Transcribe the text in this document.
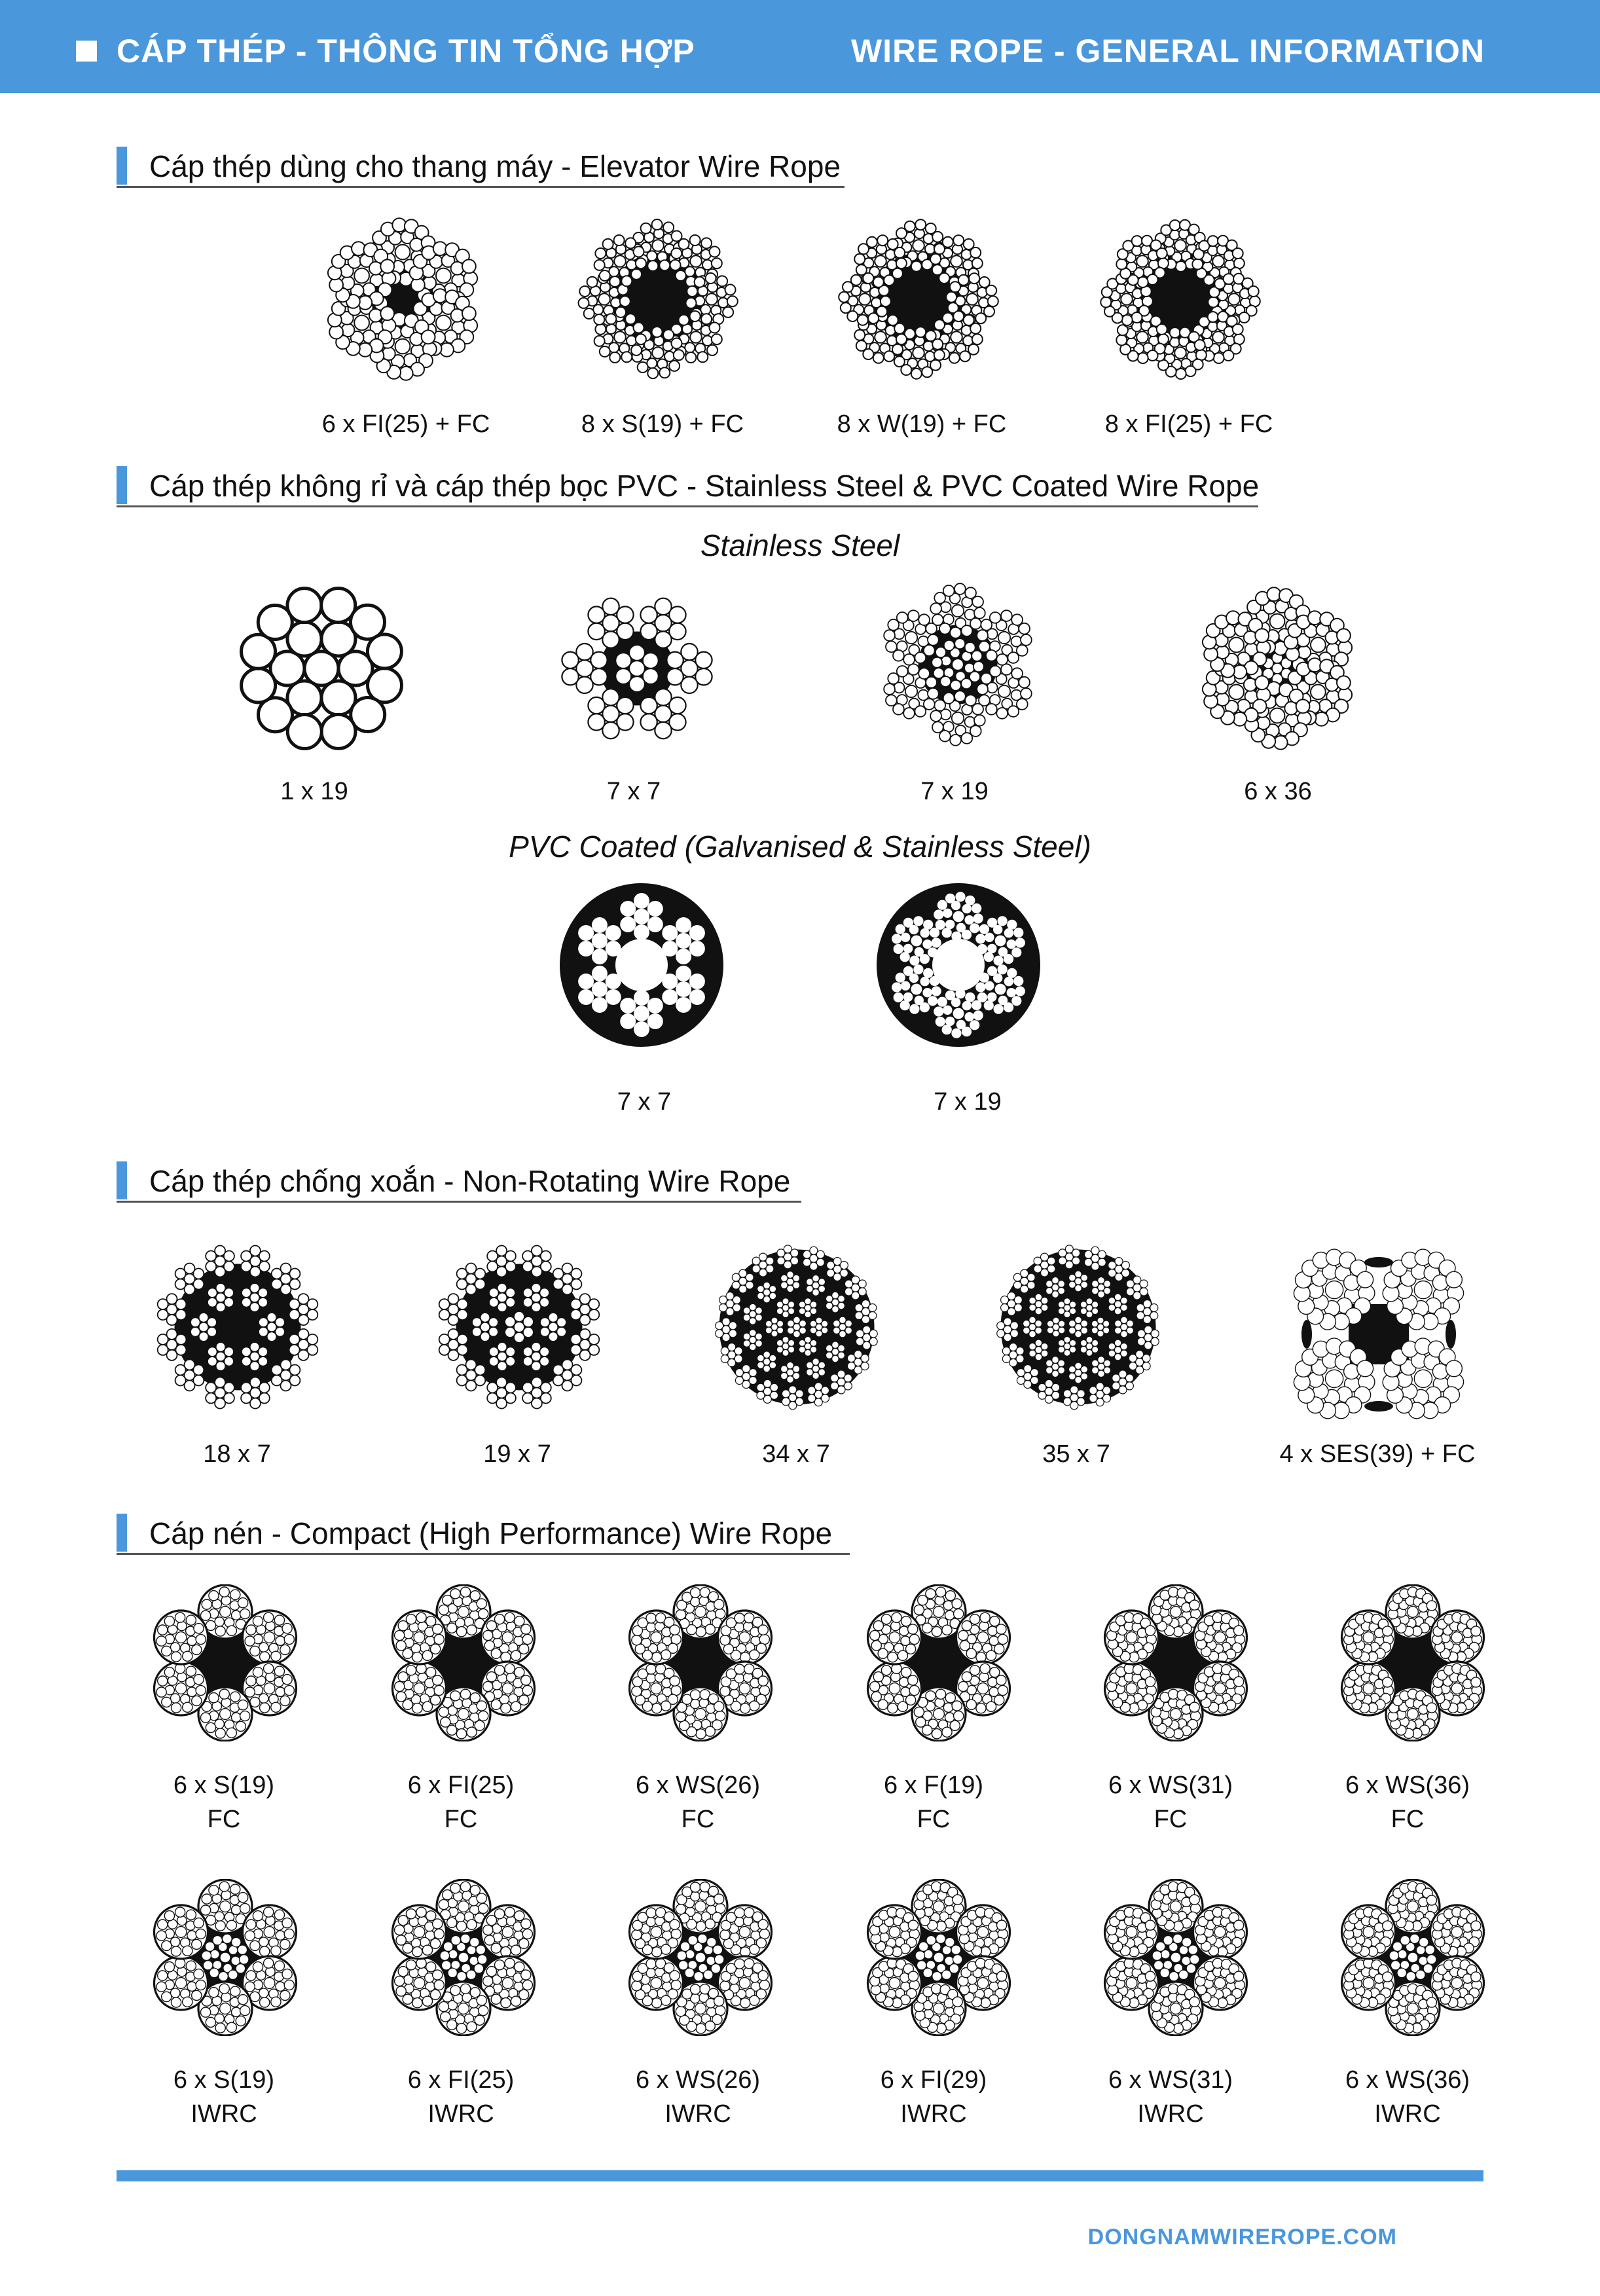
CÁP THÉP - THÔNG TIN TỔNG HỢP	WIRE ROPE - GENERAL INFORMATION
Cáp thép dùng cho thang máy - Elevator Wire Rope
6 x FI(25) + FC	8 x S(19) + FC	8 x W(19) + FC	8 x FI(25) + FC
Cáp thép không rỉ và cáp thép bọc PVC - Stainless Steel & PVC Coated Wire Rope
Stainless Steel
1 x 19	7 x 7	7 x 19	6 x 36
PVC Coated (Galvanised & Stainless Steel)
7 x 7	7 x 19
Cáp thép chống xoắn - Non-Rotating Wire Rope
18 x 7	19 x 7	34 x 7	35 x 7	4 x SES(39) + FC
Cáp nén - Compact (High Performance) Wire Rope
6 x S(19)	6 x FI(25)	6 x WS(26)	6 x F(19)	6 x WS(31)	6 x WS(36)
FC	FC	FC	FC	FC	FC
6 x S(19)	6 x FI(25)	6 x WS(26)	6 x FI(29)	6 x WS(31)	6 x WS(36)
IWRC	IWRC	IWRC	IWRC	IWRC	IWRC
DONGNAMWIREROPE.COM
